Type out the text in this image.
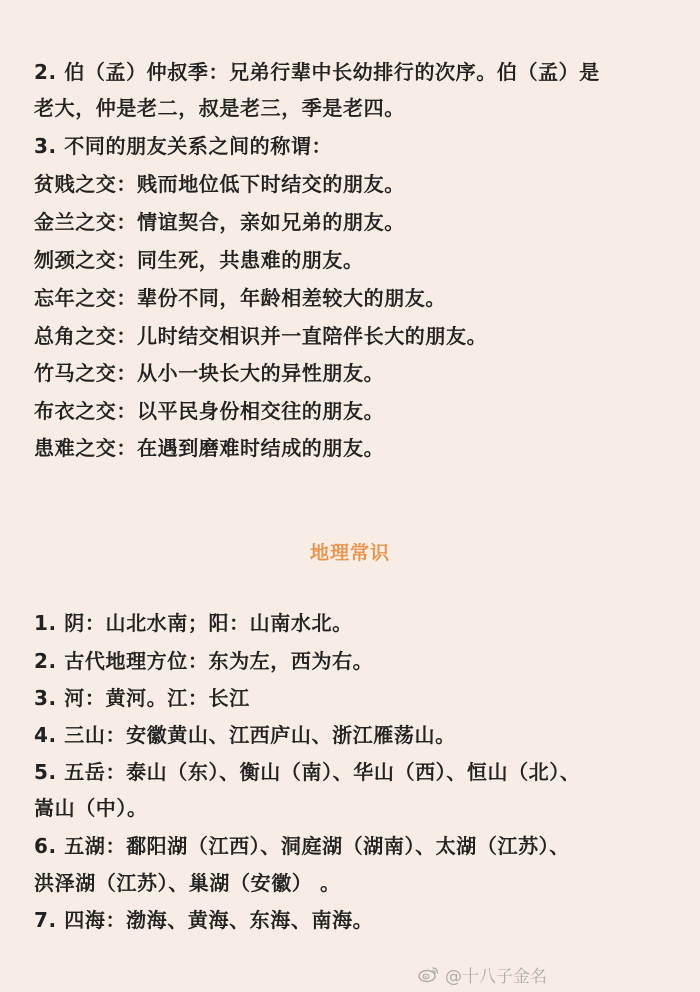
2. 伯（孟）仲叔季：兄弟行辈中长幼排行的次序。伯（孟）是
老大，仲是老二，叔是老三，季是老四。
3. 不同的朋友关系之间的称谓：
贫贱之交：贱而地位低下时结交的朋友。
金兰之交：情谊契合，亲如兄弟的朋友。
刎颈之交：同生死，共患难的朋友。
忘年之交：辈份不同，年龄相差较大的朋友。
总角之交：儿时结交相识并一直陪伴长大的朋友。
竹马之交：从小一块长大的异性朋友。
布衣之交：以平民身份相交往的朋友。
患难之交：在遇到磨难时结成的朋友。
地理常识
1. 阴：山北水南；阳：山南水北。
2. 古代地理方位：东为左，西为右。
3. 河：黄河。江：长江
4. 三山：安徽黄山、江西庐山、浙江雁荡山。
5. 五岳：泰山（东）、衡山（南）、华山（西）、恒山（北）、
嵩山（中）。
6. 五湖：鄱阳湖（江西）、洞庭湖（湖南）、太湖（江苏）、
洪泽湖（江苏）、巢湖（安徽） 。
7. 四海：渤海、黄海、东海、南海。
@十八子金名
